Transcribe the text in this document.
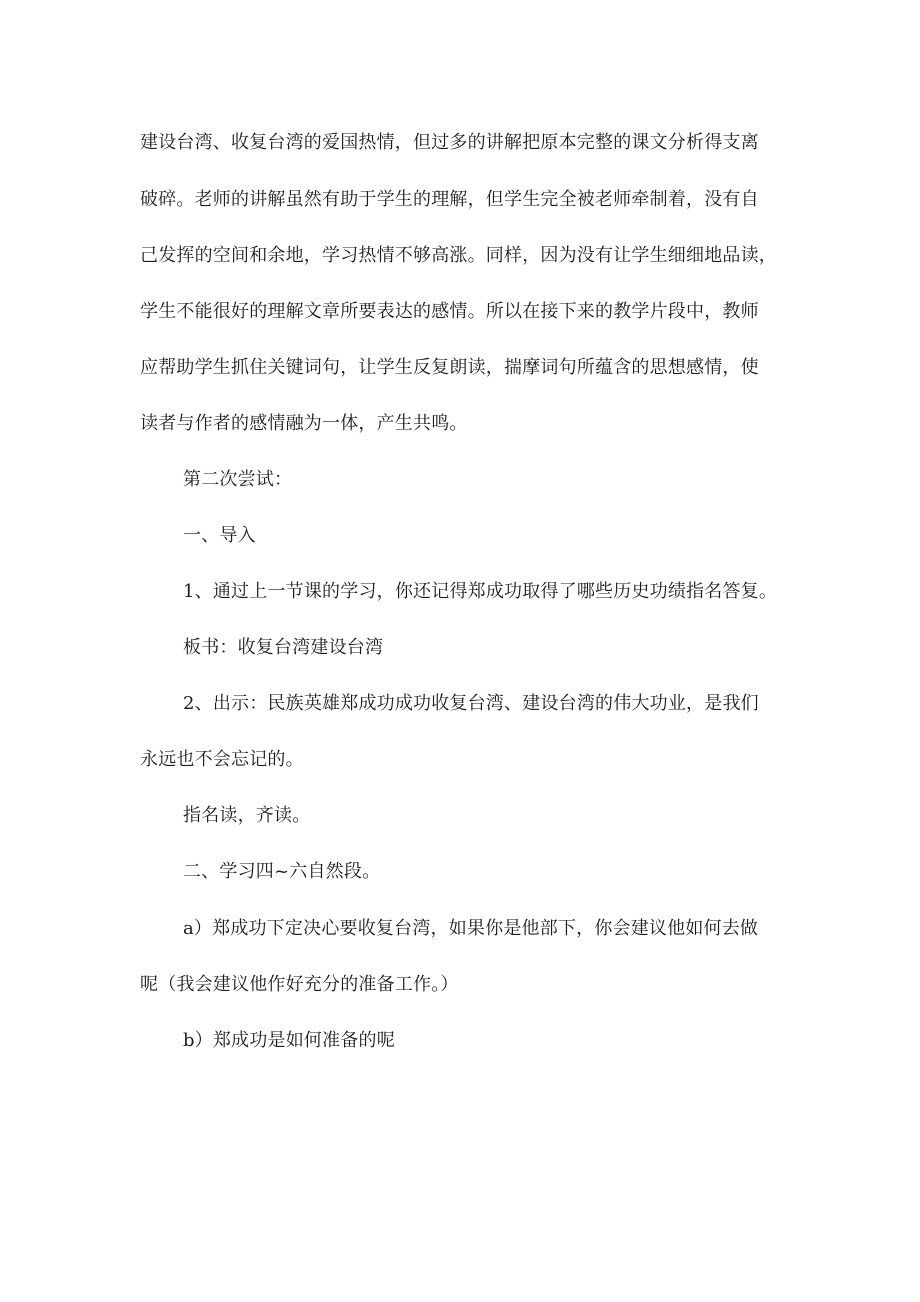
建设台湾、收复台湾的爱国热情，但过多的讲解把原本完整的课文分析得支离
破碎。老师的讲解虽然有助于学生的理解，但学生完全被老师牵制着，没有自
己发挥的空间和余地，学习热情不够高涨。同样，因为没有让学生细细地品读，
学生不能很好的理解文章所要表达的感情。所以在接下来的教学片段中，教师
应帮助学生抓住关键词句，让学生反复朗读，揣摩词句所蕴含的思想感情，使
读者与作者的感情融为一体，产生共鸣。
第二次尝试：
一、导入
1、通过上一节课的学习，你还记得郑成功取得了哪些历史功绩指名答复。
板书：收复台湾建设台湾
2、出示：民族英雄郑成功成功收复台湾、建设台湾的伟大功业，是我们
永远也不会忘记的。
指名读，齐读。
二、学习四~六自然段。
a）郑成功下定决心要收复台湾，如果你是他部下，你会建议他如何去做
呢（我会建议他作好充分的准备工作。）
b）郑成功是如何准备的呢
